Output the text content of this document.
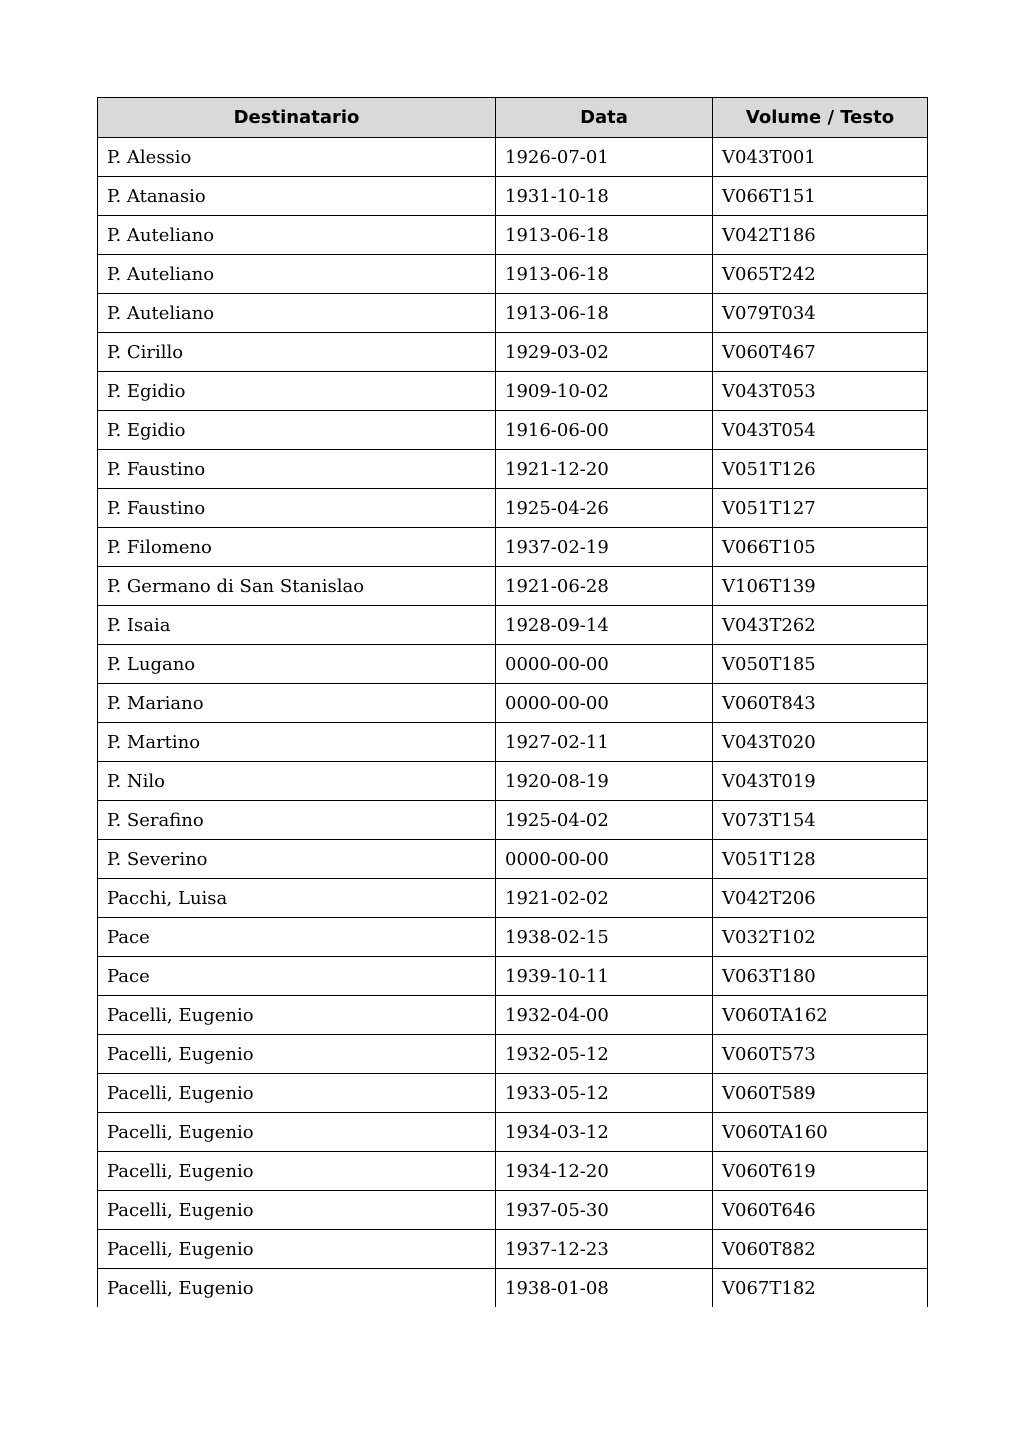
Destinatario	Data	Volume / Testo
P. Alessio	1926-07-01	V043T001
P. Atanasio	1931-10-18	V066T151
P. Auteliano	1913-06-18	V042T186
P. Auteliano	1913-06-18	V065T242
P. Auteliano	1913-06-18	V079T034
P. Cirillo	1929-03-02	V060T467
P. Egidio	1909-10-02	V043T053
P. Egidio	1916-06-00	V043T054
P. Faustino	1921-12-20	V051T126
P. Faustino	1925-04-26	V051T127
P. Filomeno	1937-02-19	V066T105
P. Germano di San Stanislao	1921-06-28	V106T139
P. Isaia	1928-09-14	V043T262
P. Lugano	0000-00-00	V050T185
P. Mariano	0000-00-00	V060T843
P. Martino	1927-02-11	V043T020
P. Nilo	1920-08-19	V043T019
P. Serafino	1925-04-02	V073T154
P. Severino	0000-00-00	V051T128
Pacchi, Luisa	1921-02-02	V042T206
Pace	1938-02-15	V032T102
Pace	1939-10-11	V063T180
Pacelli, Eugenio	1932-04-00	V060TA162
Pacelli, Eugenio	1932-05-12	V060T573
Pacelli, Eugenio	1933-05-12	V060T589
Pacelli, Eugenio	1934-03-12	V060TA160
Pacelli, Eugenio	1934-12-20	V060T619
Pacelli, Eugenio	1937-05-30	V060T646
Pacelli, Eugenio	1937-12-23	V060T882
Pacelli, Eugenio	1938-01-08	V067T182
